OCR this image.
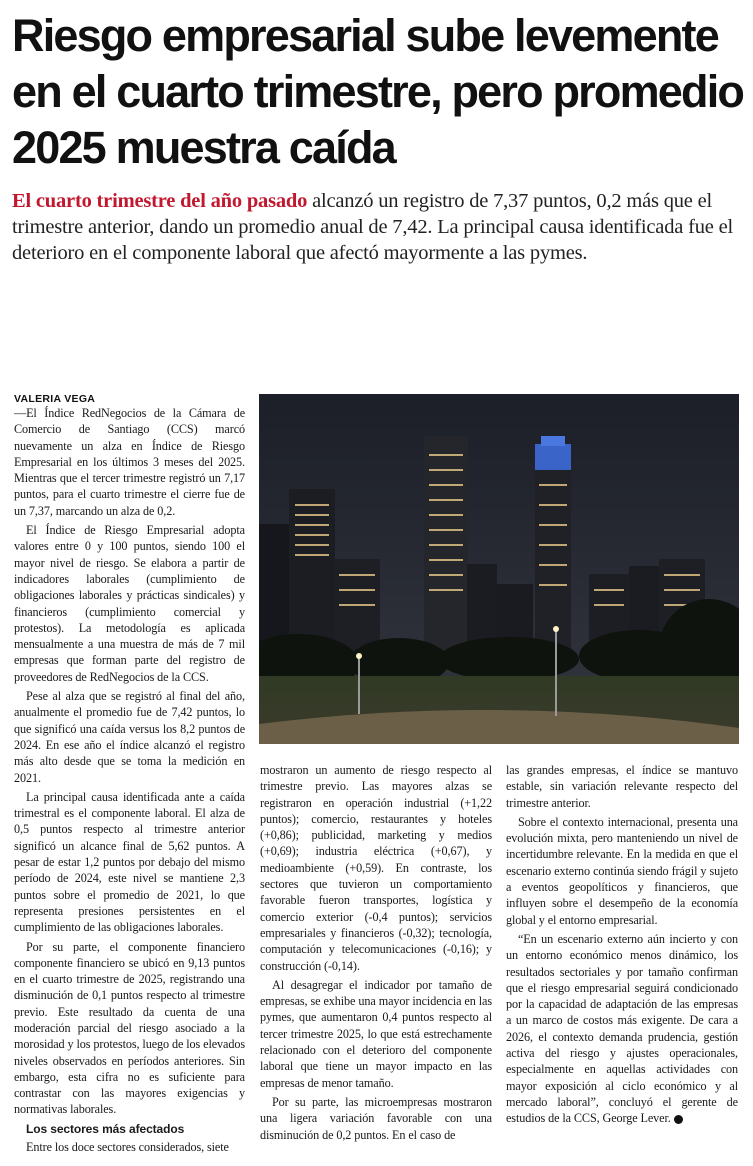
Riesgo empresarial sube levemente en el cuarto trimestre, pero promedio 2025 muestra caída

El cuarto trimestre del año pasado alcanzó un registro de 7,37 puntos, 0,2 más que el trimestre anterior, dando un promedio anual de 7,42. La principal causa identificada fue el deterioro en el componente laboral que afectó mayormente a las pymes.

VALERIA VEGA

—El Índice RedNegocios de la Cámara de Comercio de Santiago (CCS) marcó nuevamente un alza en Índice de Riesgo Empresarial en los últimos 3 meses del 2025. Mientras que el tercer trimestre registró un 7,17 puntos, para el cuarto trimestre el cierre fue de un 7,37, marcando un alza de 0,2.

El Índice de Riesgo Empresarial adopta valores entre 0 y 100 puntos, siendo 100 el mayor nivel de riesgo. Se elabora a partir de indicadores laborales (cumplimiento de obligaciones laborales y prácticas sindicales) y financieros (cumplimiento comercial y protestos). La metodología es aplicada mensualmente a una muestra de más de 7 mil empresas que forman parte del registro de proveedores de RedNegocios de la CCS.

Pese al alza que se registró al final del año, anualmente el promedio fue de 7,42 puntos, lo que significó una caída versus los 8,2 puntos de 2024. En ese año el índice alcanzó el registro más alto desde que se toma la medición en 2021.

La principal causa identificada ante a caída trimestral es el componente laboral. El alza de 0,5 puntos respecto al trimestre anterior significó un alcance final de 5,62 puntos. A pesar de estar 1,2 puntos por debajo del mismo período de 2024, este nivel se mantiene 2,3 puntos sobre el promedio de 2021, lo que representa presiones persistentes en el cumplimiento de las obligaciones laborales.

Por su parte, el componente financiero componente financiero se ubicó en 9,13 puntos en el cuarto trimestre de 2025, registrando una disminución de 0,1 puntos respecto al trimestre previo. Este resultado da cuenta de una moderación parcial del riesgo asociado a la morosidad y los protestos, luego de los elevados niveles observados en períodos anteriores. Sin embargo, esta cifra no es suficiente para contrastar con las mayores exigencias y normativas laborales.

Los sectores más afectados

Entre los doce sectores considerados, siete

mostraron un aumento de riesgo respecto al trimestre previo. Las mayores alzas se registraron en operación industrial (+1,22 puntos); comercio, restaurantes y hoteles (+0,86); publicidad, marketing y medios (+0,69); industria eléctrica (+0,67), y medioambiente (+0,59). En contraste, los sectores que tuvieron un comportamiento favorable fueron transportes, logística y comercio exterior (-0,4 puntos); servicios empresariales y financieros (-0,32); tecnología, computación y telecomunicaciones (-0,16); y construcción (-0,14).

Al desagregar el indicador por tamaño de empresas, se exhibe una mayor incidencia en las pymes, que aumentaron 0,4 puntos respecto al tercer trimestre 2025, lo que está estrechamente relacionado con el deterioro del componente laboral que tiene un mayor impacto en las empresas de menor tamaño.

Por su parte, las microempresas mostraron una ligera variación favorable con una disminución de 0,2 puntos. En el caso de

las grandes empresas, el índice se mantuvo estable, sin variación relevante respecto del trimestre anterior.

Sobre el contexto internacional, presenta una evolución mixta, pero manteniendo un nivel de incertidumbre relevante. En la medida en que el escenario externo continúa siendo frágil y sujeto a eventos geopolíticos y financieros, que influyen sobre el desempeño de la economía global y el entorno empresarial.

“En un escenario externo aún incierto y con un entorno económico menos dinámico, los resultados sectoriales y por tamaño confirman que el riesgo empresarial seguirá condicionado por la capacidad de adaptación de las empresas a un marco de costos más exigente. De cara a 2026, el contexto demanda prudencia, gestión activa del riesgo y ajustes operacionales, especialmente en aquellas actividades con mayor exposición al ciclo económico y al mercado laboral”, concluyó el gerente de estudios de la CCS, George Lever.
